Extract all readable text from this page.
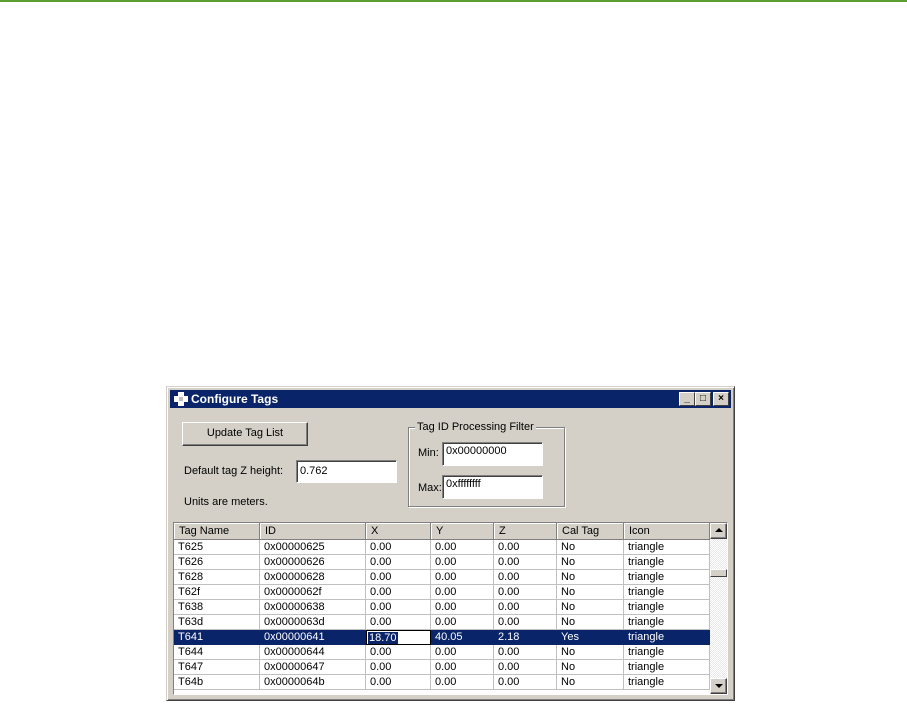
Configure Tags	_	□	×
Update Tag List
Default tag Z height:	0.762
Units are meters.
Tag ID Processing Filter
Min: 0x00000000
Max: 0xffffffff
Tag Name	ID	X	Y	Z	Cal Tag	Icon
T625	0x00000625	0.00	0.00	0.00	No	triangle
T626	0x00000626	0.00	0.00	0.00	No	triangle
T628	0x00000628	0.00	0.00	0.00	No	triangle
T62f	0x0000062f	0.00	0.00	0.00	No	triangle
T638	0x00000638	0.00	0.00	0.00	No	triangle
T63d	0x0000063d	0.00	0.00	0.00	No	triangle
T641	0x00000641	18.70	40.05	2.18	Yes	triangle
T644	0x00000644	0.00	0.00	0.00	No	triangle
T647	0x00000647	0.00	0.00	0.00	No	triangle
T64b	0x0000064b	0.00	0.00	0.00	No	triangle
